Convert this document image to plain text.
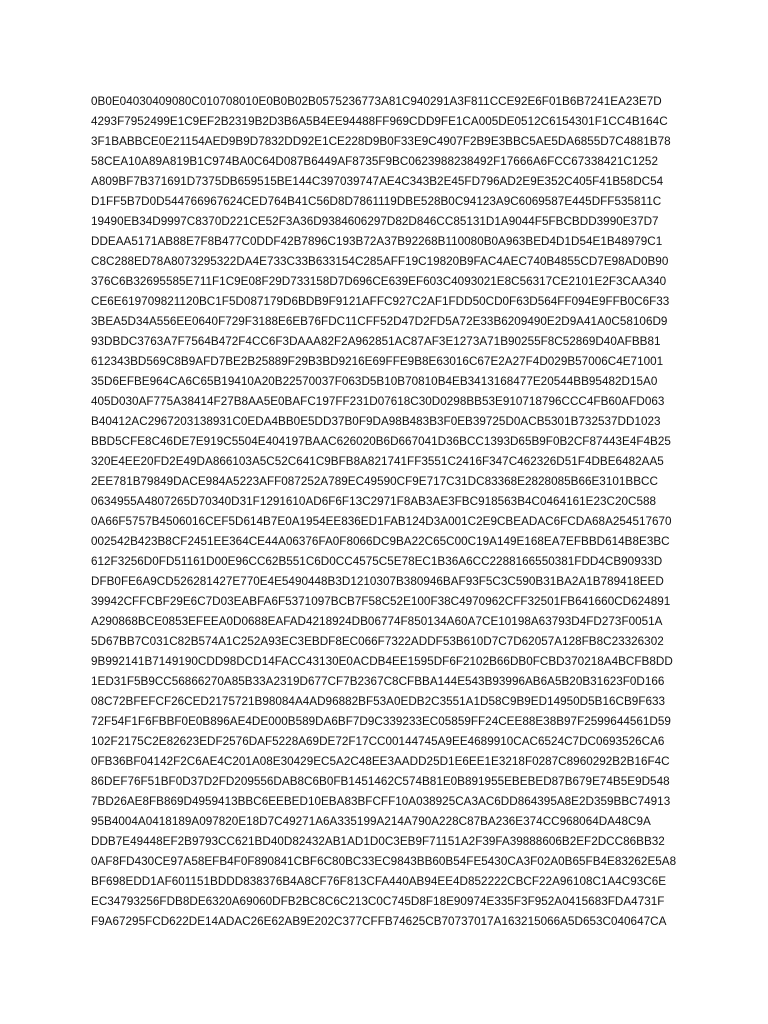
0B0E04030409080C010708010E0B0B02B0575236773A81C940291A3F811CCE92E6F01B6B7241EA23E7D
4293F7952499E1C9EF2B2319B2D3B6A5B4EE94488FF969CDD9FE1CA005DE0512C6154301F1CC4B164C
3F1BABBCE0E21154AED9B9D7832DD92E1CE228D9B0F33E9C4907F2B9E3BBC5AE5DA6855D7C4881B78
58CEA10A89A819B1C974BA0C64D087B6449AF8735F9BC0623988238492F17666A6FCC67338421C1252
A809BF7B371691D7375DB659515BE144C397039747AE4C343B2E45FD796AD2E9E352C405F41B58DC54
D1FF5B7D0D544766967624CED764B41C56D8D7861119DBE528B0C94123A9C6069587E445DFF535811C
19490EB34D9997C8370D221CE52F3A36D9384606297D82D846CC85131D1A9044F5FBCBDD3990E37D7
DDEAA5171AB88E7F8B477C0DDF42B7896C193B72A37B92268B110080B0A963BED4D1D54E1B48979C1
C8C288ED78A8073295322DA4E733C33B633154C285AFF19C19820B9FAC4AEC740B4855CD7E98AD0B90
376C6B32695585E711F1C9E08F29D733158D7D696CE639EF603C4093021E8C56317CE2101E2F3CAA340
CE6E619709821120BC1F5D087179D6BDB9F9121AFFC927C2AF1FDD50CD0F63D564FF094E9FFB0C6F33
3BEA5D34A556EE0640F729F3188E6EB76FDC11CFF52D47D2FD5A72E33B6209490E2D9A41A0C58106D9
93DBDC3763A7F7564B472F4CC6F3DAAA82F2A962851AC87AF3E1273A71B90255F8C52869D40AFBB81
612343BD569C8B9AFD7BE2B25889F29B3BD9216E69FFE9B8E63016C67E2A27F4D029B57006C4E71001
35D6EFBE964CA6C65B19410A20B22570037F063D5B10B70810B4EB3413168477E20544BB95482D15A0
405D030AF775A38414F27B8AA5E0BAFC197FF231D07618C30D0298BB53E910718796CCC4FB60AFD063
B40412AC2967203138931C0EDA4BB0E5DD37B0F9DA98B483B3F0EB39725D0ACB5301B732537DD1023
BBD5CFE8C46DE7E919C5504E404197BAAC626020B6D667041D36BCC1393D65B9F0B2CF87443E4F4B25
320E4EE20FD2E49DA866103A5C52C641C9BFB8A821741FF3551C2416F347C462326D51F4DBE6482AA5
2EE781B79849DACE984A5223AFF087252A789EC49590CF9E717C31DC83368E2828085B66E3101BBCC
0634955A4807265D70340D31F1291610AD6F6F13C2971F8AB3AE3FBC918563B4C0464161E23C20C588
0A66F5757B4506016CEF5D614B7E0A1954EE836ED1FAB124D3A001C2E9CBEADAC6FCDA68A254517670
002542B423B8CF2451EE364CE44A06376FA0F8066DC9BA22C65C00C19A149E168EA7EFBBD614B8E3BC
612F3256D0FD51161D00E96CC62B551C6D0CC4575C5E78EC1B36A6CC2288166550381FDD4CB90933D
DFB0FE6A9CD526281427E770E4E5490448B3D1210307B380946BAF93F5C3C590B31BA2A1B789418EED
39942CFFCBF29E6C7D03EABFA6F5371097BCB7F58C52E100F38C4970962CFF32501FB641660CD624891
A290868BCE0853EFEEA0D0688EAFAD4218924DB06774F850134A60A7CE10198A63793D4FD273F0051A
5D67BB7C031C82B574A1C252A93EC3EBDF8EC066F7322ADDF53B610D7C7D62057A128FB8C23326302
9B992141B7149190CDD98DCD14FACC43130E0ACDB4EE1595DF6F2102B66DB0FCBD370218A4BCFB8DD
1ED31F5B9CC56866270A85B33A2319D677CF7B2367C8CFBBA144E543B93996AB6A5B20B31623F0D166
08C72BFEFCF26CED2175721B98084A4AD96882BF53A0EDB2C3551A1D58C9B9ED14950D5B16CB9F633
72F54F1F6FBBF0E0B896AE4DE000B589DA6BF7D9C339233EC05859FF24CEE88E38B97F2599644561D59
102F2175C2E82623EDF2576DAF5228A69DE72F17CC00144745A9EE4689910CAC6524C7DC0693526CA6
0FB36BF04142F2C6AE4C201A08E30429EC5A2C48EE3AADD25D1E6EE1E3218F0287C8960292B2B16F4C
86DEF76F51BF0D37D2FD209556DAB8C6B0FB1451462C574B81E0B891955EBEBED87B679E74B5E9D548
7BD26AE8FB869D4959413BBC6EEBED10EBA83BFCFF10A038925CA3AC6DD864395A8E2D359BBC74913
95B4004A0418189A097820E18D7C49271A6A335199A214A790A228C87BA236E374CC968064DA48C9A
DDB7E49448EF2B9793CC621BD40D82432AB1AD1D0C3EB9F71151A2F39FA39888606B2EF2DCC86BB32
0AF8FD430CE97A58EFB4F0F890841CBF6C80BC33EC9843BB60B54FE5430CA3F02A0B65FB4E83262E5A8
BF698EDD1AF601151BDDD838376B4A8CF76F813CFA440AB94EE4D852222CBCF22A96108C1A4C93C6E
EC34793256FDB8DE6320A69060DFB2BC8C6C213C0C745D8F18E90974E335F3F952A0415683FDA4731F
F9A67295FCD622DE14ADAC26E62AB9E202C377CFFB74625CB70737017A163215066A5D653C040647CA
